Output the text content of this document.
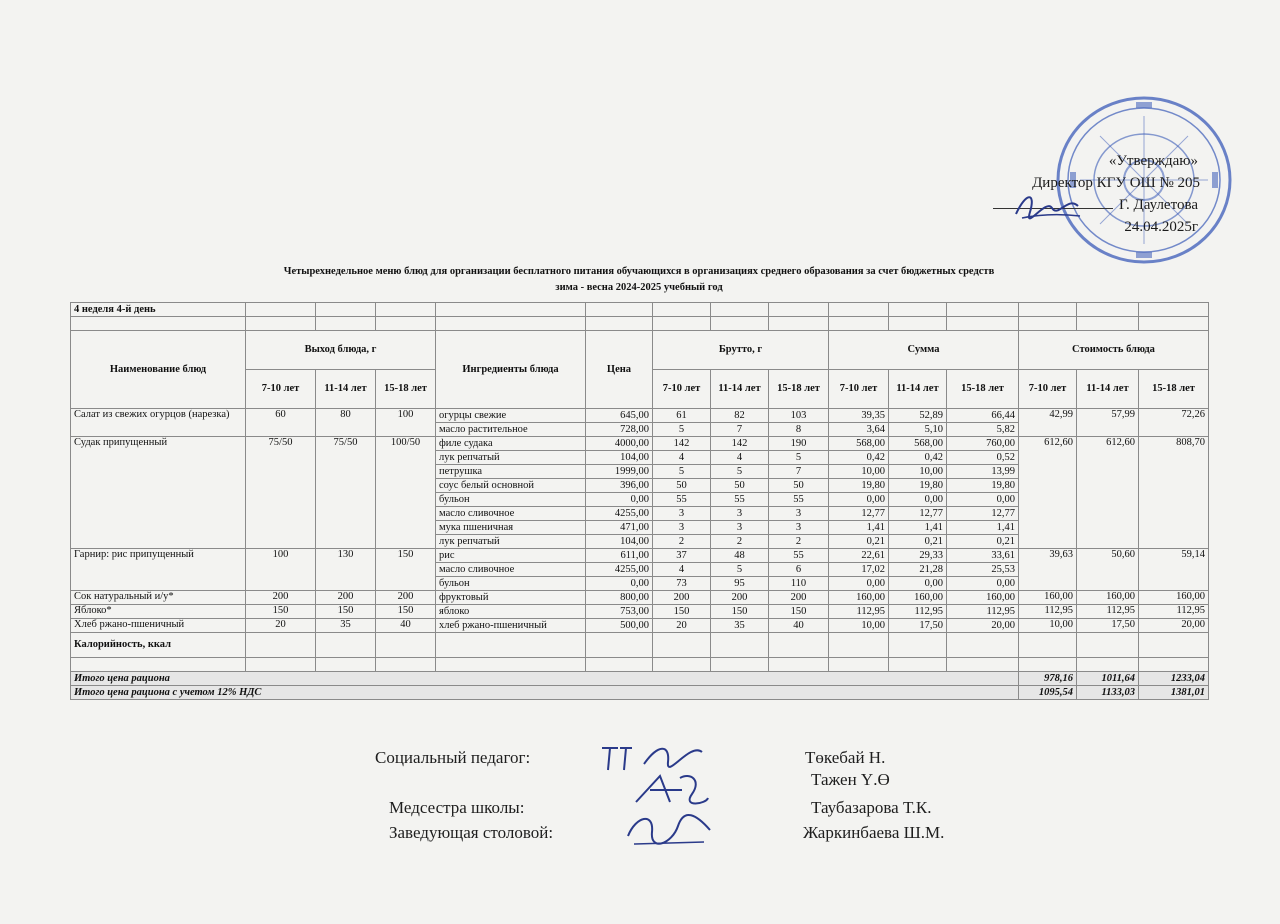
«Утверждаю»
Директор КГУ ОШ № 205
Г. Даулетова
24.04.2025г
Четырехнедельное меню блюд для организации бесплатного питания обучающихся в организациях среднего образования за счет бюджетных средств
зима - весна 2024-2025 учебный год
4 неделя 4-й день														

Наименование блюд	Выход блюда, г			Ингредиенты блюда	Цена	Брутто, г			Сумма			Стоимость блюда		
	7-10 лет	11-14 лет	15-18 лет			7-10 лет	11-14 лет	15-18 лет	7-10 лет	11-14 лет	15-18 лет	7-10 лет	11-14 лет	15-18 лет
Салат из свежих огурцов (нарезка)	60	80	100	огурцы свежие	645,00	61	82	103	39,35	52,89	66,44	42,99	57,99	72,26
				масло растительное	728,00	5	7	8	3,64	5,10	5,82			
Судак припущенный	75/50	75/50	100/50	филе судака	4000,00	142	142	190	568,00	568,00	760,00	612,60	612,60	808,70
				лук репчатый	104,00	4	4	5	0,42	0,42	0,52			
				петрушка	1999,00	5	5	7	10,00	10,00	13,99			
				соус белый основной	396,00	50	50	50	19,80	19,80	19,80			
				бульон	0,00	55	55	55	0,00	0,00	0,00			
				масло сливочное	4255,00	3	3	3	12,77	12,77	12,77			
				мука пшеничная	471,00	3	3	3	1,41	1,41	1,41			
				лук репчатый	104,00	2	2	2	0,21	0,21	0,21			
Гарнир: рис припущенный	100	130	150	рис	611,00	37	48	55	22,61	29,33	33,61	39,63	50,60	59,14
				масло сливочное	4255,00	4	5	6	17,02	21,28	25,53			
				бульон	0,00	73	95	110	0,00	0,00	0,00			
Сок натуральный и/у*	200	200	200	фруктовый	800,00	200	200	200	160,00	160,00	160,00	160,00	160,00	160,00
Яблоко*	150	150	150	яблоко	753,00	150	150	150	112,95	112,95	112,95	112,95	112,95	112,95
Хлеб ржано-пшеничный	20	35	40	хлеб ржано-пшеничный	500,00	20	35	40	10,00	17,50	20,00	10,00	17,50	20,00
Калорийность, ккал														

Итого цена рациона												978,16	1011,64	1233,04
Итого цена рациона с учетом 12% НДС												1095,54	1133,03	1381,01
Социальный педагог:	Төкебай Н.
Тажен Ү.Ө
Медсестра школы:	Таубазарова Т.К.
Заведующая столовой:	Жаркинбаева Ш.М.
